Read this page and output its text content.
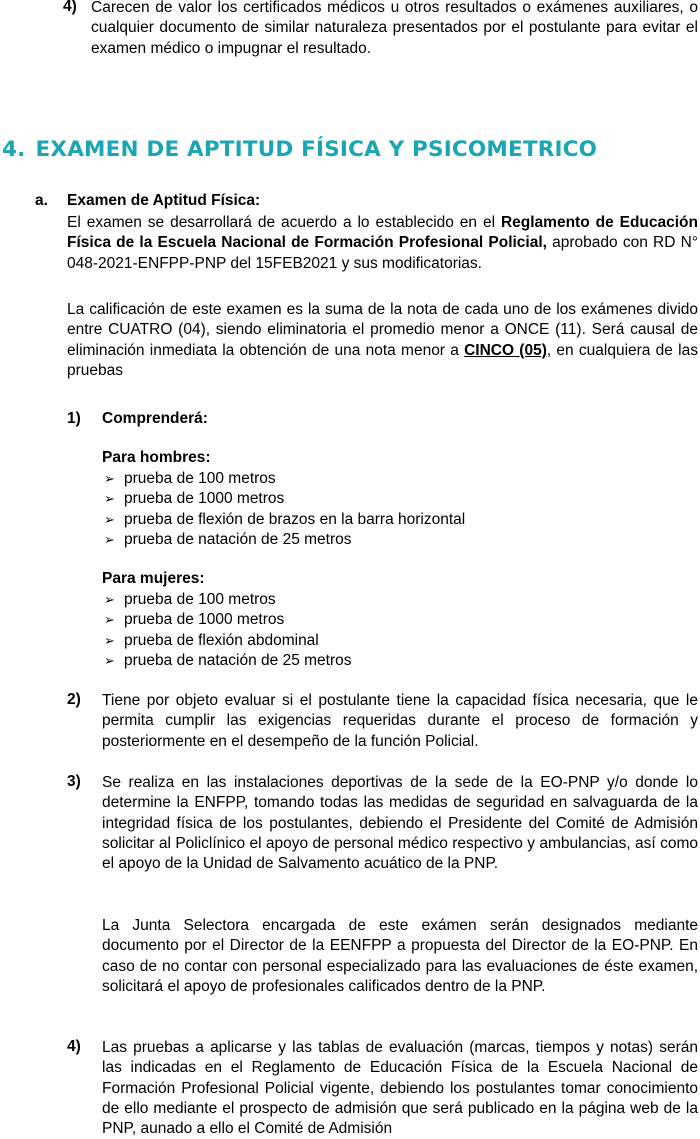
4) Carecen de valor los certificados médicos u otros resultados o exámenes auxiliares, o cualquier documento de similar naturaleza presentados por el postulante para evitar el examen médico o impugnar el resultado.
4. EXAMEN DE APTITUD FÍSICA Y PSICOMETRICO
a. Examen de Aptitud Física:
El examen se desarrollará de acuerdo a lo establecido en el Reglamento de Educación Física de la Escuela Nacional de Formación Profesional Policial, aprobado con RD N° 048-2021-ENFPP-PNP del 15FEB2021 y sus modificatorias.
La calificación de este examen es la suma de la nota de cada uno de los exámenes divido entre CUATRO (04), siendo eliminatoria el promedio menor a ONCE (11). Será causal de eliminación inmediata la obtención de una nota menor a CINCO (05), en cualquiera de las pruebas
1) Comprenderá:
Para hombres:
➢ prueba de 100 metros
➢ prueba de 1000 metros
➢ prueba de flexión de brazos en la barra horizontal
➢ prueba de natación de 25 metros
Para mujeres:
➢ prueba de 100 metros
➢ prueba de 1000 metros
➢ prueba de flexión abdominal
➢ prueba de natación de 25 metros
2) Tiene por objeto evaluar si el postulante tiene la capacidad física necesaria, que le permita cumplir las exigencias requeridas durante el proceso de formación y posteriormente en el desempeño de la función Policial.
3) Se realiza en las instalaciones deportivas de la sede de la EO-PNP y/o donde lo determine la ENFPP, tomando todas las medidas de seguridad en salvaguarda de la integridad física de los postulantes, debiendo el Presidente del Comité de Admisión solicitar al Policlínico el apoyo de personal médico respectivo y ambulancias, así como el apoyo de la Unidad de Salvamento acuático de la PNP.
La Junta Selectora encargada de este exámen serán designados mediante documento por el Director de la EENFPP a propuesta del Director de la EO-PNP. En caso de no contar con personal especializado para las evaluaciones de éste examen, solicitará el apoyo de profesionales calificados dentro de la PNP.
4) Las pruebas a aplicarse y las tablas de evaluación (marcas, tiempos y notas) serán las indicadas en el Reglamento de Educación Física de la Escuela Nacional de Formación Profesional Policial vigente, debiendo los postulantes tomar conocimiento de ello mediante el prospecto de admisión que será publicado en la página web de la PNP, aunado a ello el Comité de Admisión
